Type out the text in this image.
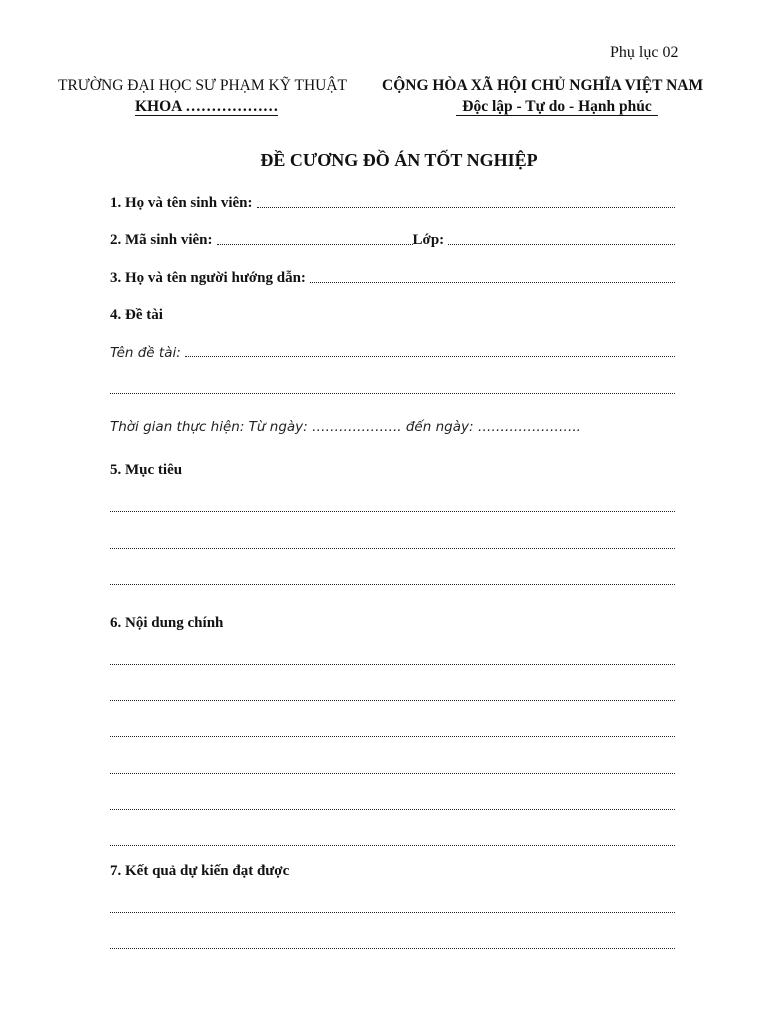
Phụ lục 02
TRƯỜNG ĐẠI HỌC SƯ PHẠM KỸ THUẬT
KHOA ………………
CỘNG HÒA XÃ HỘI CHỦ NGHĨA VIỆT NAM
Độc lập - Tự do - Hạnh phúc
ĐỀ CƯƠNG ĐỒ ÁN TỐT NGHIỆP
1. Họ và tên sinh viên:
2. Mã sinh viên:	Lớp:
3. Họ và tên người hướng dẫn:
4. Đề tài
Tên đề tài:
Thời gian thực hiện: Từ ngày: ……………….. đến ngày: …………………..
5. Mục tiêu
6. Nội dung chính
7. Kết quả dự kiến đạt được
